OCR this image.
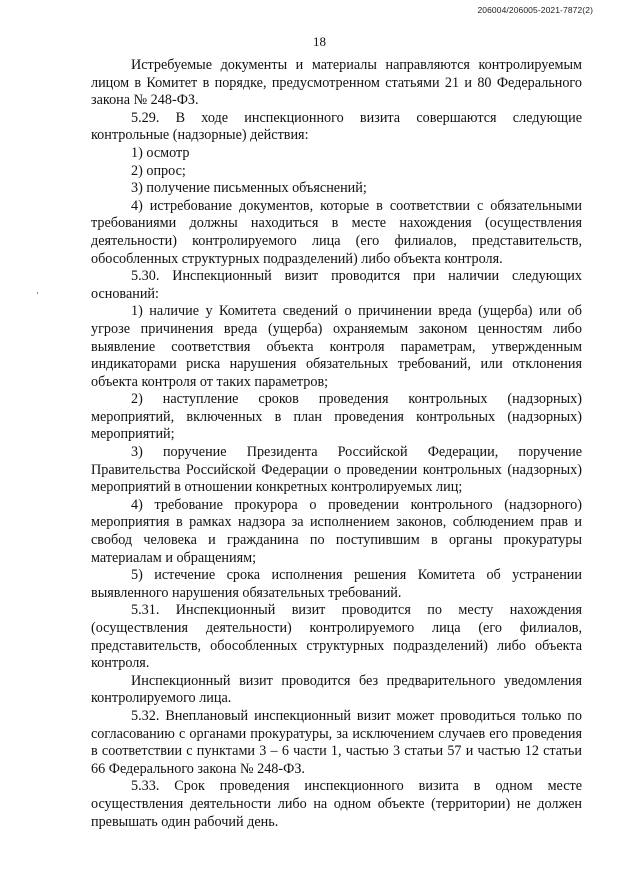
206004/206005-2021-7872(2)
18

Истребуемые документы и материалы направляются контролируемым лицом в Комитет в порядке, предусмотренном статьями 21 и 80 Федерального закона № 248-ФЗ.

5.29. В ходе инспекционного визита совершаются следующие контрольные (надзорные) действия:

1) осмотр

2) опрос;

3) получение письменных объяснений;

4) истребование документов, которые в соответствии с обязательными требованиями должны находиться в месте нахождения (осуществления деятельности) контролируемого лица (его филиалов, представительств, обособленных структурных подразделений) либо объекта контроля.

5.30. Инспекционный визит проводится при наличии следующих оснований:

1) наличие у Комитета сведений о причинении вреда (ущерба) или об угрозе причинения вреда (ущерба) охраняемым законом ценностям либо выявление соответствия объекта контроля параметрам, утвержденным индикаторами риска нарушения обязательных требований, или отклонения объекта контроля от таких параметров;

2) наступление сроков проведения контрольных (надзорных) мероприятий, включенных в план проведения контрольных (надзорных) мероприятий;

3) поручение Президента Российской Федерации, поручение Правительства Российской Федерации о проведении контрольных (надзорных) мероприятий в отношении конкретных контролируемых лиц;

4) требование прокурора о проведении контрольного (надзорного) мероприятия в рамках надзора за исполнением законов, соблюдением прав и свобод человека и гражданина по поступившим в органы прокуратуры материалам и обращениям;

5) истечение срока исполнения решения Комитета об устранении выявленного нарушения обязательных требований.

5.31. Инспекционный визит проводится по месту нахождения (осуществления деятельности) контролируемого лица (его филиалов, представительств, обособленных структурных подразделений) либо объекта контроля.

Инспекционный визит проводится без предварительного уведомления контролируемого лица.

5.32. Внеплановый инспекционный визит может проводиться только по согласованию с органами прокуратуры, за исключением случаев его проведения в соответствии с пунктами 3 – 6 части 1, частью 3 статьи 57 и частью 12 статьи 66 Федерального закона № 248-ФЗ.

5.33. Срок проведения инспекционного визита в одном месте осуществления деятельности либо на одном объекте (территории) не должен превышать один рабочий день.
